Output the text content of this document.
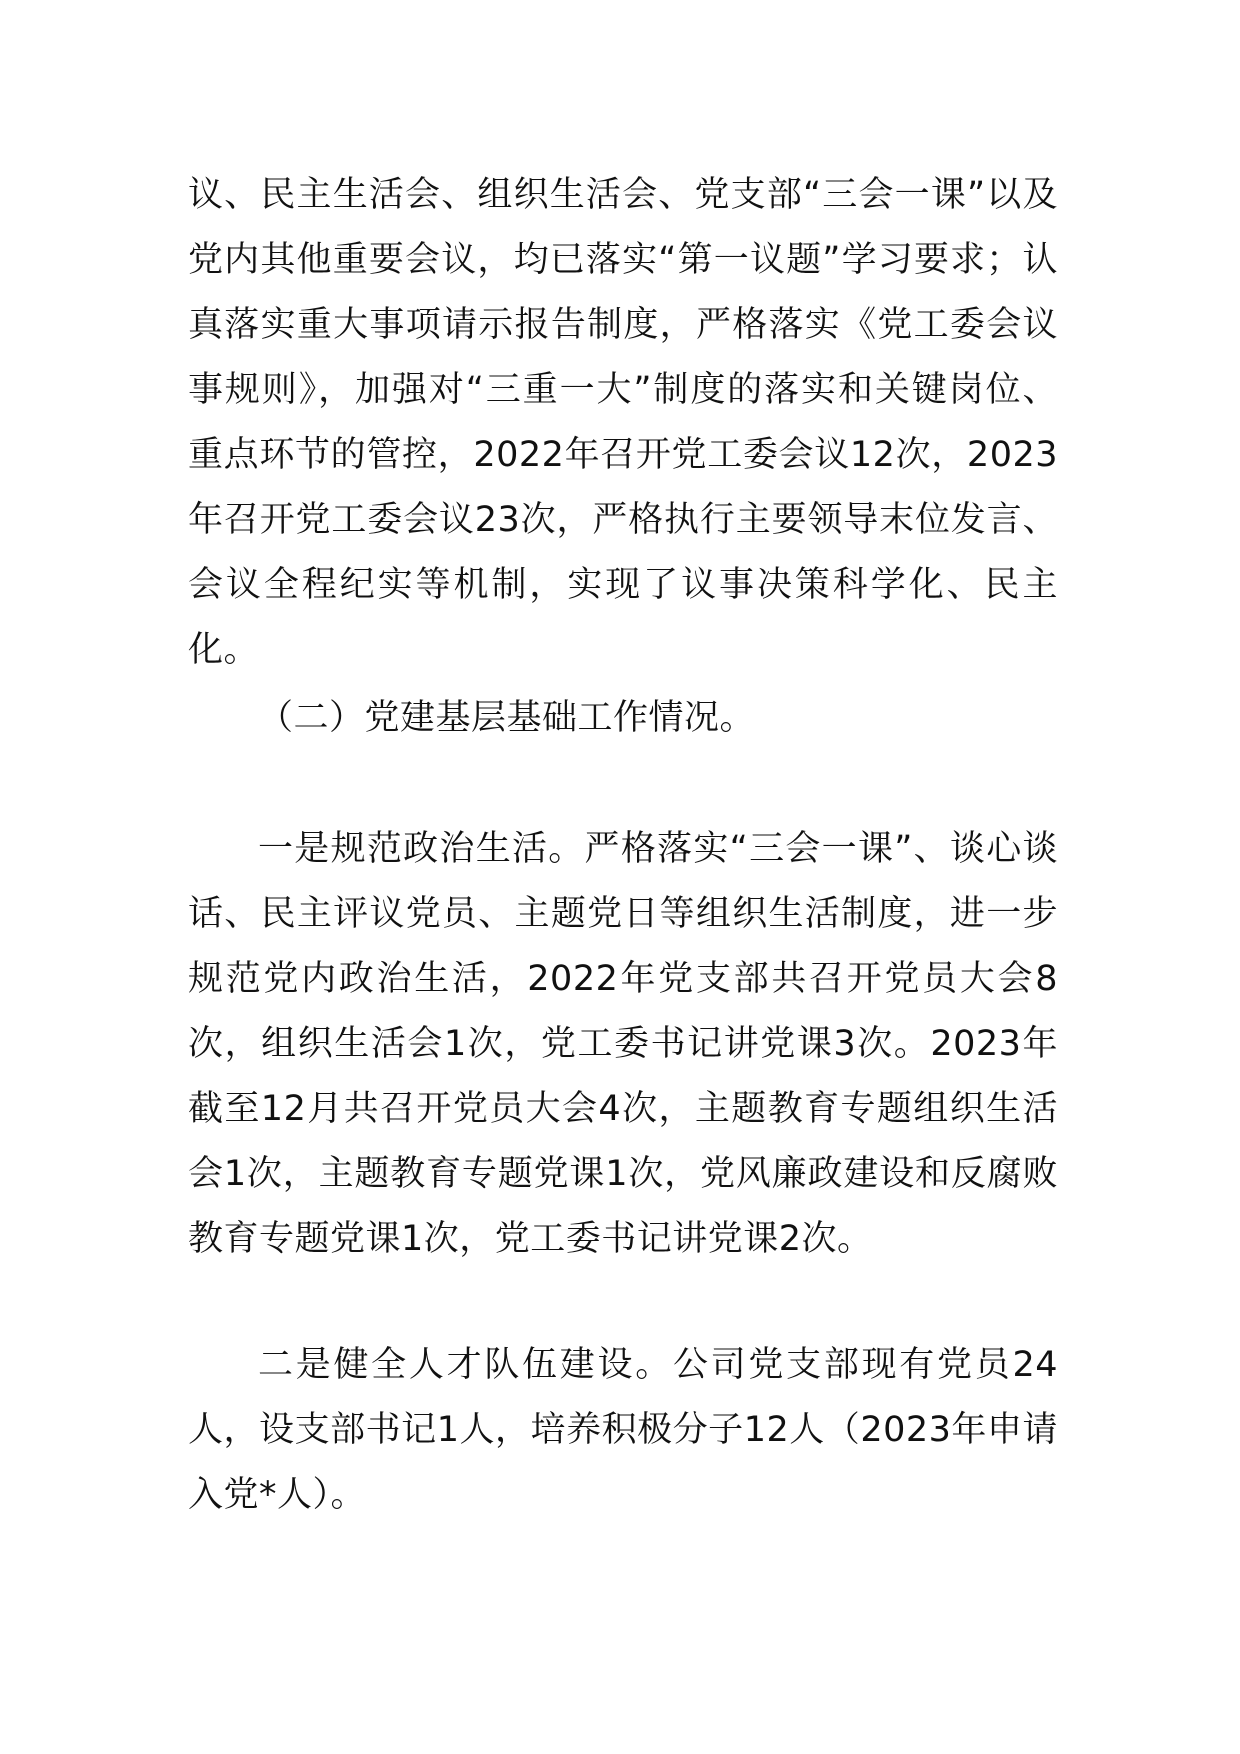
议、民主生活会、组织生活会、党支部“三会一课”以及党内其他重要会议，均已落实“第一议题”学习要求；认真落实重大事项请示报告制度，严格落实《党工委会议事规则》，加强对“三重一大”制度的落实和关键岗位、重点环节的管控，2022年召开党工委会议12次，2023年召开党工委会议23次，严格执行主要领导末位发言、会议全程纪实等机制，实现了议事决策科学化、民主化。

（二）党建基层基础工作情况。

一是规范政治生活。严格落实“三会一课”、谈心谈话、民主评议党员、主题党日等组织生活制度，进一步规范党内政治生活，2022年党支部共召开党员大会8次，组织生活会1次，党工委书记讲党课3次。2023年截至12月共召开党员大会4次，主题教育专题组织生活会1次，主题教育专题党课1次，党风廉政建设和反腐败教育专题党课1次，党工委书记讲党课2次。

二是健全人才队伍建设。公司党支部现有党员24人，设支部书记1人，培养积极分子12人（2023年申请入党*人）。
